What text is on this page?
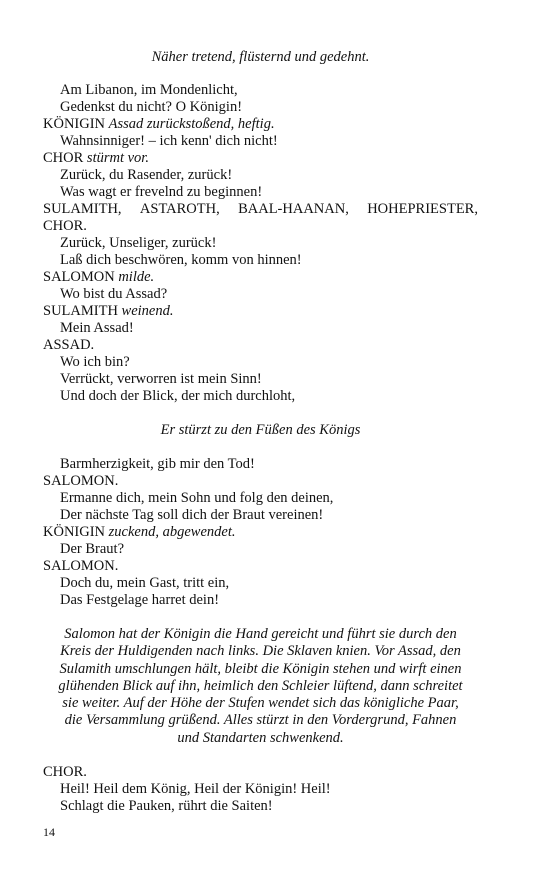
Näher tretend, flüsternd und gedehnt.
Am Libanon, im Mondenlicht,
Gedenkst du nicht? O Königin!
KÖNIGIN Assad zurückstoßend, heftig.
Wahnsinniger! – ich kenn' dich nicht!
CHOR stürmt vor.
Zurück, du Rasender, zurück!
Was wagt er frevelnd zu beginnen!
SULAMITH, ASTAROTH, BAAL-HAANAN, HOHEPRIESTER,
CHOR.
Zurück, Unseliger, zurück!
Laß dich beschwören, komm von hinnen!
SALOMON milde.
Wo bist du Assad?
SULAMITH weinend.
Mein Assad!
ASSAD.
Wo ich bin?
Verrückt, verworren ist mein Sinn!
Und doch der Blick, der mich durchloht,
Er stürzt zu den Füßen des Königs
Barmherzigkeit, gib mir den Tod!
SALOMON.
Ermanne dich, mein Sohn und folg den deinen,
Der nächste Tag soll dich der Braut vereinen!
KÖNIGIN zuckend, abgewendet.
Der Braut?
SALOMON.
Doch du, mein Gast, tritt ein,
Das Festgelage harret dein!
Salomon hat der Königin die Hand gereicht und führt sie durch den
Kreis der Huldigenden nach links. Die Sklaven knien. Vor Assad, den
Sulamith umschlungen hält, bleibt die Königin stehen und wirft einen
glühenden Blick auf ihn, heimlich den Schleier lüftend, dann schreitet
sie weiter. Auf der Höhe der Stufen wendet sich das königliche Paar,
die Versammlung grüßend. Alles stürzt in den Vordergrund, Fahnen
und Standarten schwenkend.
CHOR.
Heil! Heil dem König, Heil der Königin! Heil!
Schlagt die Pauken, rührt die Saiten!
14
